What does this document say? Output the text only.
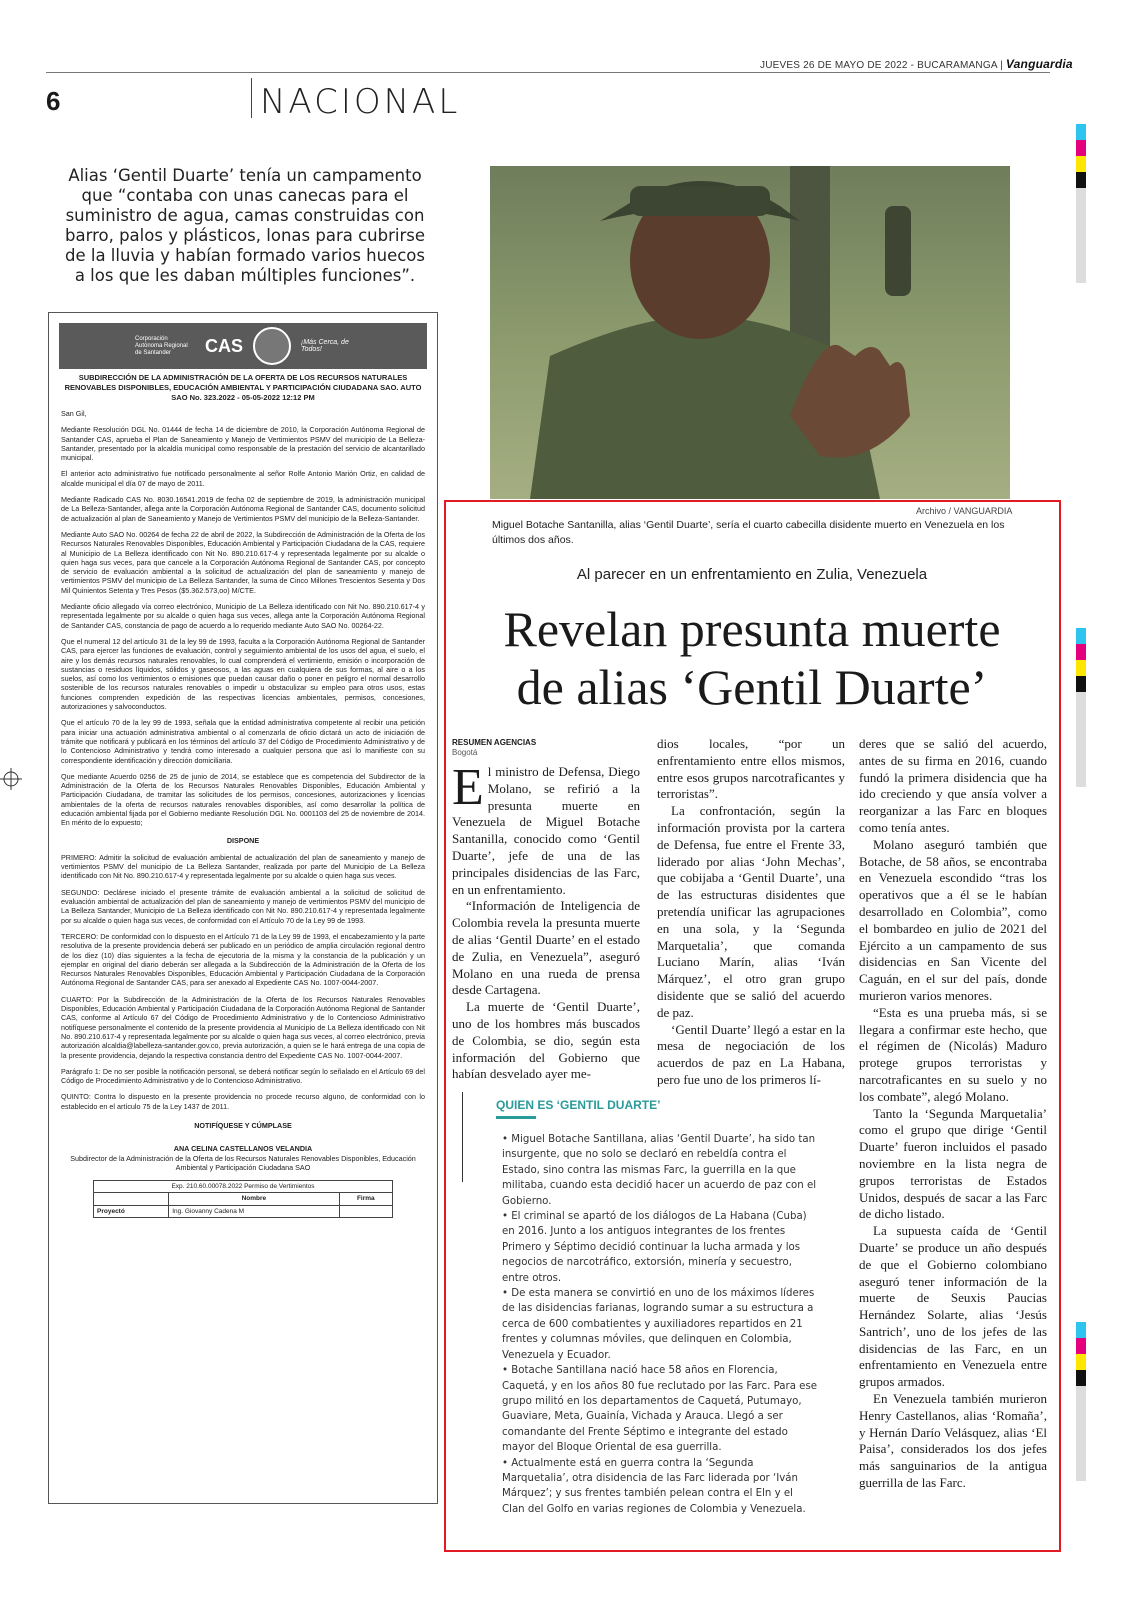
JUEVES 26 DE MAYO DE 2022 - BUCARAMANGA | Vanguardia
6	NACIONAL
Alias ‘Gentil Duarte’ tenía un campamento que “contaba con unas canecas para el suministro de agua, camas construidas con barro, palos y plásticos, lonas para cubrirse de la lluvia y habían formado varios huecos a los que les daban múltiples funciones”.
Corporación Autónoma Regional de Santander	CAS	¡Más Cerca, de Todos!
SUBDIRECCIÓN DE LA ADMINISTRACIÓN DE LA OFERTA DE LOS RECURSOS NATURALES RENOVABLES DISPONIBLES, EDUCACIÓN AMBIENTAL Y PARTICIPACIÓN CIUDADANA SAO. AUTO SAO No. 323.2022 - 05-05-2022 12:12 PM

San Gil,

Mediante Resolución DGL No. 01444 de fecha 14 de diciembre de 2010, la Corporación Autónoma Regional de Santander CAS, aprueba el Plan de Saneamiento y Manejo de Vertimientos PSMV del municipio de La Belleza-Santander, presentado por la alcaldía municipal como responsable de la prestación del servicio de alcantarillado municipal.

El anterior acto administrativo fue notificado personalmente al señor Rolfe Antonio Marión Ortiz, en calidad de alcalde municipal el día 07 de mayo de 2011.

Mediante Radicado CAS No. 8030.16541.2019 de fecha 02 de septiembre de 2019, la administración municipal de La Belleza-Santander, allega ante la Corporación Autónoma Regional de Santander CAS, documento solicitud de actualización al plan de Saneamiento y Manejo de Vertimientos PSMV del municipio de la Belleza-Santander.

Mediante Auto SAO No. 00264 de fecha 22 de abril de 2022, la Subdirección de Administración de la Oferta de los Recursos Naturales Renovables Disponibles, Educación Ambiental y Participación Ciudadana de la CAS, requiere al Municipio de La Belleza identificado con Nit No. 890.210.617-4 y representada legalmente por su alcalde o quien haga sus veces, para que cancele a la Corporación Autónoma Regional de Santander CAS, por concepto de servicio de evaluación ambiental a la solicitud de actualización del plan de saneamiento y manejo de vertimientos PSMV del municipio de La Belleza Santander, la suma de Cinco Millones Trescientos Sesenta y Dos Mil Quinientos Setenta y Tres Pesos ($5.362.573,oo) M/CTE.

Mediante oficio allegado vía correo electrónico, Municipio de La Belleza identificado con Nit No. 890.210.617-4 y representada legalmente por su alcalde o quien haga sus veces, allega ante la Corporación Autónoma Regional de Santander CAS, constancia de pago de acuerdo a lo requerido mediante Auto SAO No. 00264-22.

Que el numeral 12 del artículo 31 de la ley 99 de 1993, faculta a la Corporación Autónoma Regional de Santander CAS, para ejercer las funciones de evaluación, control y seguimiento ambiental de los usos del agua, el suelo, el aire y los demás recursos naturales renovables, lo cual comprenderá el vertimiento, emisión o incorporación de sustancias o residuos líquidos, sólidos y gaseosos, a las aguas en cualquiera de sus formas, al aire o a los suelos, así como los vertimientos o emisiones que puedan causar daño o poner en peligro el normal desarrollo sostenible de los recursos naturales renovables o impedir u obstaculizar su empleo para otros usos, estas funciones comprenden expedición de las respectivas licencias ambientales, permisos, concesiones, autorizaciones y salvoconductos.

Que el artículo 70 de la ley 99 de 1993, señala que la entidad administrativa competente al recibir una petición para iniciar una actuación administrativa ambiental o al comenzarla de oficio dictará un acto de iniciación de trámite que notificará y publicará en los términos del artículo 37 del Código de Procedimiento Administrativo y de lo Contencioso Administrativo y tendrá como interesado a cualquier persona que así lo manifieste con su correspondiente identificación y dirección domiciliaria.

Que mediante Acuerdo 0256 de 25 de junio de 2014, se establece que es competencia del Subdirector de la Administración de la Oferta de los Recursos Naturales Renovables Disponibles, Educación Ambiental y Participación Ciudadana, de tramitar las solicitudes de los permisos, concesiones, autorizaciones y licencias ambientales de la oferta de recursos naturales renovables disponibles, así como desarrollar la política de educación ambiental fijada por el Gobierno mediante Resolución DGL No. 0001103 del 25 de noviembre de 2014. En mérito de lo expuesto;

DISPONE

PRIMERO: Admitir la solicitud de evaluación ambiental de actualización del plan de saneamiento y manejo de vertimientos PSMV del municipio de La Belleza Santander, realizada por parte del Municipio de La Belleza identificado con Nit No. 890.210.617-4 y representada legalmente por su alcalde o quien haga sus veces.

SEGUNDO: Declárese iniciado el presente trámite de evaluación ambiental a la solicitud de solicitud de evaluación ambiental de actualización del plan de saneamiento y manejo de vertimientos PSMV del municipio de La Belleza Santander, Municipio de La Belleza identificado con Nit No. 890.210.617-4 y representada legalmente por su alcalde o quien haga sus veces, de conformidad con el Artículo 70 de la Ley 99 de 1993.

TERCERO: De conformidad con lo dispuesto en el Artículo 71 de la Ley 99 de 1993, el encabezamiento y la parte resolutiva de la presente providencia deberá ser publicado en un periódico de amplia circulación regional dentro de los diez (10) días siguientes a la fecha de ejecutoria de la misma y la constancia de la publicación y un ejemplar en original del diario deberán ser allegada a la Subdirección de la Administración de la Oferta de los Recursos Naturales Renovables Disponibles, Educación Ambiental y Participación Ciudadana de la Corporación Autónoma Regional de Santander CAS, para ser anexado al Expediente CAS No. 1007-0044-2007.

CUARTO: Por la Subdirección de la Administración de la Oferta de los Recursos Naturales Renovables Disponibles, Educación Ambiental y Participación Ciudadana de la Corporación Autónoma Regional de Santander CAS, conforme al Artículo 67 del Código de Procedimiento Administrativo y de lo Contencioso Administrativo notifíquese personalmente el contenido de la presente providencia al Municipio de La Belleza identificado con Nit No. 890.210.617-4 y representada legalmente por su alcalde o quien haga sus veces, al correo electrónico, previa autorización alcaldia@labelleza-santander.gov.co, previa autorización, a quien se le hará entrega de una copia de la presente providencia, dejando la respectiva constancia dentro del Expediente CAS No. 1007-0044-2007.

Parágrafo 1: De no ser posible la notificación personal, se deberá notificar según lo señalado en el Artículo 69 del Código de Procedimiento Administrativo y de lo Contencioso Administrativo.

QUINTO: Contra lo dispuesto en la presente providencia no procede recurso alguno, de conformidad con lo establecido en el artículo 75 de la Ley 1437 de 2011.

NOTIFÍQUESE Y CÚMPLASE
ANA CELINA CASTELLANOS VELANDIA
Subdirector de la Administración de la Oferta de los Recursos Naturales Renovables Disponibles, Educación Ambiental y Participación Ciudadana SAO
Exp. 210.60.00078.2022 Permiso de Vertimientos		
	Nombre	Firma
Proyectó	Ing. Giovanny Cadena M	
Archivo / VANGUARDIA
Miguel Botache Santanilla, alias ‘Gentil Duarte’, sería el cuarto cabecilla disidente muerto en Venezuela en los últimos dos años.
Al parecer en un enfrentamiento en Zulia, Venezuela
Revelan presunta muerte
de alias ‘Gentil Duarte’
RESUMEN AGENCIAS
Bogotá

El ministro de Defensa, Diego Molano, se refirió a la presunta muerte en Venezuela de Miguel Botache Santanilla, conocido como ‘Gentil Duarte’, jefe de una de las principales disidencias de las Farc, en un enfrentamiento.

“Información de Inteligencia de Colombia revela la presunta muerte de alias ‘Gentil Duarte’ en el estado de Zulia, en Venezuela”, aseguró Molano en una rueda de prensa desde Cartagena.

La muerte de ‘Gentil Duarte’, uno de los hombres más buscados de Colombia, se dio, según esta información del Gobierno que habían desvelado ayer me-

dios locales, “por un enfrentamiento entre ellos mismos, entre esos grupos narcotraficantes y terroristas”.

La confrontación, según la información provista por la cartera de Defensa, fue entre el Frente 33, liderado por alias ‘John Mechas’, que cobijaba a ‘Gentil Duarte’, una de las estructuras disidentes que pretendía unificar las agrupaciones en una sola, y la ‘Segunda Marquetalia’, que comanda Luciano Marín, alias ‘Iván Márquez’, el otro gran grupo disidente que se salió del acuerdo de paz.

‘Gentil Duarte’ llegó a estar en la mesa de negociación de los acuerdos de paz en La Habana, pero fue uno de los primeros lí-

deres que se salió del acuerdo, antes de su firma en 2016, cuando fundó la primera disidencia que ha ido creciendo y que ansía volver a reorganizar a las Farc en bloques como tenía antes.

Molano aseguró también que Botache, de 58 años, se encontraba en Venezuela escondido “tras los operativos que a él se le habían desarrollado en Colombia”, como el bombardeo en julio de 2021 del Ejército a un campamento de sus disidencias en San Vicente del Caguán, en el sur del país, donde murieron varios menores.

“Esta es una prueba más, si se llegara a confirmar este hecho, que el régimen de (Nicolás) Maduro protege grupos terroristas y narcotraficantes en su suelo y no los combate”, alegó Molano.

Tanto la ‘Segunda Marquetalia’ como el grupo que dirige ‘Gentil Duarte’ fueron incluidos el pasado noviembre en la lista negra de grupos terroristas de Estados Unidos, después de sacar a las Farc de dicho listado.

La supuesta caída de ‘Gentil Duarte’ se produce un año después de que el Gobierno colombiano aseguró tener información de la muerte de Seuxis Paucias Hernández Solarte, alias ‘Jesús Santrich’, uno de los jefes de las disidencias de las Farc, en un enfrentamiento en Venezuela entre grupos armados.

En Venezuela también murieron Henry Castellanos, alias ‘Romaña’, y Hernán Darío Velásquez, alias ‘El Paisa’, considerados los dos jefes más sanguinarios de la antigua guerrilla de las Farc.

QUIEN ES ‘GENTIL DUARTE’

• Miguel Botache Santillana, alias ‘Gentil Duarte’, ha sido tan insurgente, que no solo se declaró en rebeldía contra el Estado, sino contra las mismas Farc, la guerrilla en la que militaba, cuando esta decidió hacer un acuerdo de paz con el Gobierno.

• El criminal se apartó de los diálogos de La Habana (Cuba) en 2016. Junto a los antiguos integrantes de los frentes Primero y Séptimo decidió continuar la lucha armada y los negocios de narcotráfico, extorsión, minería y secuestro, entre otros.

• De esta manera se convirtió en uno de los máximos líderes de las disidencias farianas, logrando sumar a su estructura a cerca de 600 combatientes y auxiliadores repartidos en 21 frentes y columnas móviles, que delinquen en Colombia, Venezuela y Ecuador.

• Botache Santillana nació hace 58 años en Florencia, Caquetá, y en los años 80 fue reclutado por las Farc. Para ese grupo militó en los departamentos de Caquetá, Putumayo, Guaviare, Meta, Guainía, Vichada y Arauca. Llegó a ser comandante del Frente Séptimo e integrante del estado mayor del Bloque Oriental de esa guerrilla.

• Actualmente está en guerra contra la ‘Segunda Marquetalia’, otra disidencia de las Farc liderada por ‘Iván Márquez’; y sus frentes también pelean contra el Eln y el Clan del Golfo en varias regiones de Colombia y Venezuela.
